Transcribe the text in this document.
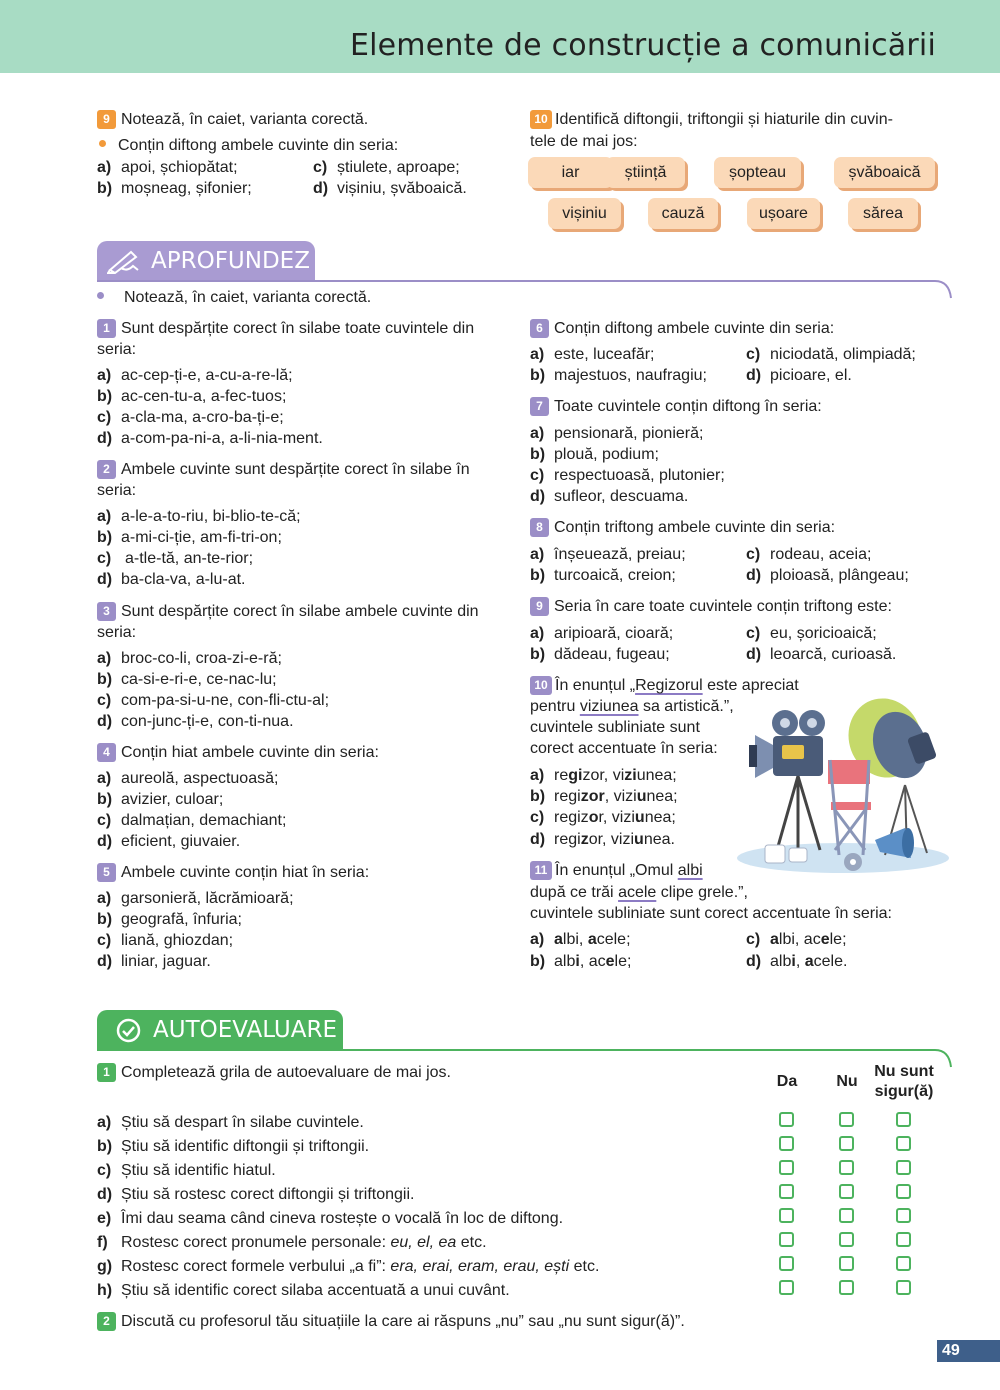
Elemente de construcție a comunicării
9 Notează, în caiet, varianta corectă.
Conțin diftong ambele cuvinte din seria:
a) apoi, șchiopătat;
b) moșneag, șifonier;
c) știulete, aproape;
d) vișiniu, șvăboaică.
10 Identifică diftongii, triftongii și hiaturile din cuvin-
tele de mai jos:
iar	știință	șopteau	șvăboaică
vișiniu	cauză	ușoare	sărea
APROFUNDEZ
Notează, în caiet, varianta corectă.
1 Sunt despărțite corect în silabe toate cuvintele din
seria:
a) ac-cep-ți-e, a-cu-a-re-lă;
b) ac-cen-tu-a, a-fec-tuos;
c) a-cla-ma, a-cro-ba-ți-e;
d) a-com-pa-ni-a, a-li-nia-ment.
2 Ambele cuvinte sunt despărțite corect în silabe în
seria:
a) a-le-a-to-riu, bi-blio-te-că;
b) a-mi-ci-ție, am-fi-tri-on;
c) a-tle-tă, an-te-rior;
d) ba-cla-va, a-lu-at.
3 Sunt despărțite corect în silabe ambele cuvinte din
seria:
a) broc-co-li, croa-zi-e-ră;
b) ca-si-e-ri-e, ce-nac-lu;
c) com-pa-si-u-ne, con-fli-ctu-al;
d) con-junc-ți-e, con-ti-nua.
4 Conțin hiat ambele cuvinte din seria:
a) aureolă, aspectuoasă;
b) avizier, culoar;
c) dalmațian, demachiant;
d) eficient, giuvaier.
5 Ambele cuvinte conțin hiat în seria:
a) garsonieră, lăcrămioară;
b) geografă, înfuria;
c) liană, ghiozdan;
d) liniar, jaguar.
6 Conțin diftong ambele cuvinte din seria:
a) este, luceafăr;
b) majestuos, naufragiu;
c) niciodată, olimpiadă;
d) picioare, el.
7 Toate cuvintele conțin diftong în seria:
a) pensionară, pionieră;
b) plouă, podium;
c) respectuoasă, plutonier;
d) sufleor, descuama.
8 Conțin triftong ambele cuvinte din seria:
a) înșeuează, preiau;
b) turcoaică, creion;
c) rodeau, aceia;
d) ploioasă, plângeau;
9 Seria în care toate cuvintele conțin triftong este:
a) aripioară, cioară;
b) dădeau, fugeau;
c) eu, șoricioaică;
d) leoarcă, curioasă.
10 În enunțul „Regizorul este apreciat
pentru viziunea sa artistică.”,
cuvintele subliniate sunt
corect accentuate în seria:
a) regizor, viziunea;
b) regizor, viziunea;
c) regizor, viziunea;
d) regizor, viziunea.
11 În enunțul „Omul albi
după ce trăi acele clipe grele.”,
cuvintele subliniate sunt corect accentuate în seria:
a) albi, acele;
b) albi, acele;
c) albi, acele;
d) albi, acele.
AUTOEVALUARE
1 Completează grila de autoevaluare de mai jos.
Da	Nu
Nu sunt
sigur(ă)
a) Știu să despart în silabe cuvintele.
b) Știu să identific diftongii și triftongii.
c) Știu să identific hiatul.
d) Știu să rostesc corect diftongii și triftongii.
e) Îmi dau seama când cineva rostește o vocală în loc de diftong.
f) Rostesc corect pronumele personale: eu, el, ea etc.
g) Rostesc corect formele verbului „a fi”: era, erai, eram, erau, ești etc.
h) Știu să identific corect silaba accentuată a unui cuvânt.
2 Discută cu profesorul tău situațiile la care ai răspuns „nu” sau „nu sunt sigur(ă)”.
49
